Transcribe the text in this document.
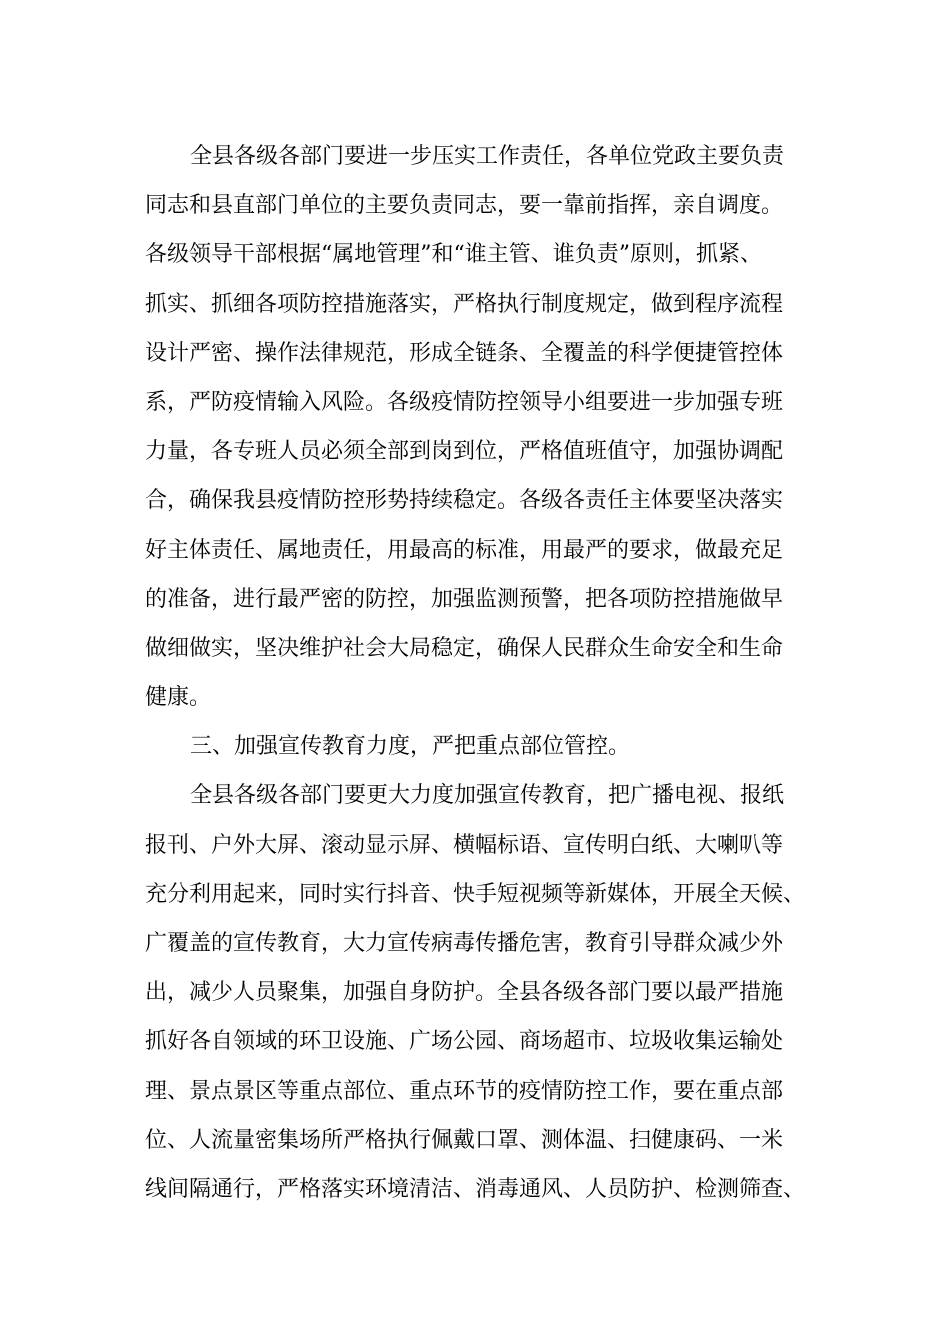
全县各级各部门要进一步压实工作责任，各单位党政主要负责
同志和县直部门单位的主要负责同志，要一靠前指挥，亲自调度。
各级领导干部根据“属地管理”和“谁主管、谁负责”原则，抓紧、
抓实、抓细各项防控措施落实，严格执行制度规定，做到程序流程
设计严密、操作法律规范，形成全链条、全覆盖的科学便捷管控体
系，严防疫情输入风险。各级疫情防控领导小组要进一步加强专班
力量，各专班人员必须全部到岗到位，严格值班值守，加强协调配
合，确保我县疫情防控形势持续稳定。各级各责任主体要坚决落实
好主体责任、属地责任，用最高的标准，用最严的要求，做最充足
的准备，进行最严密的防控，加强监测预警，把各项防控措施做早
做细做实，坚决维护社会大局稳定，确保人民群众生命安全和生命
健康。
三、加强宣传教育力度，严把重点部位管控。
全县各级各部门要更大力度加强宣传教育，把广播电视、报纸
报刊、户外大屏、滚动显示屏、横幅标语、宣传明白纸、大喇叭等
充分利用起来，同时实行抖音、快手短视频等新媒体，开展全天候、
广覆盖的宣传教育，大力宣传病毒传播危害，教育引导群众减少外
出，减少人员聚集，加强自身防护。全县各级各部门要以最严措施
抓好各自领域的环卫设施、广场公园、商场超市、垃圾收集运输处
理、景点景区等重点部位、重点环节的疫情防控工作，要在重点部
位、人流量密集场所严格执行佩戴口罩、测体温、扫健康码、一米
线间隔通行，严格落实环境清洁、消毒通风、人员防护、检测筛查、
